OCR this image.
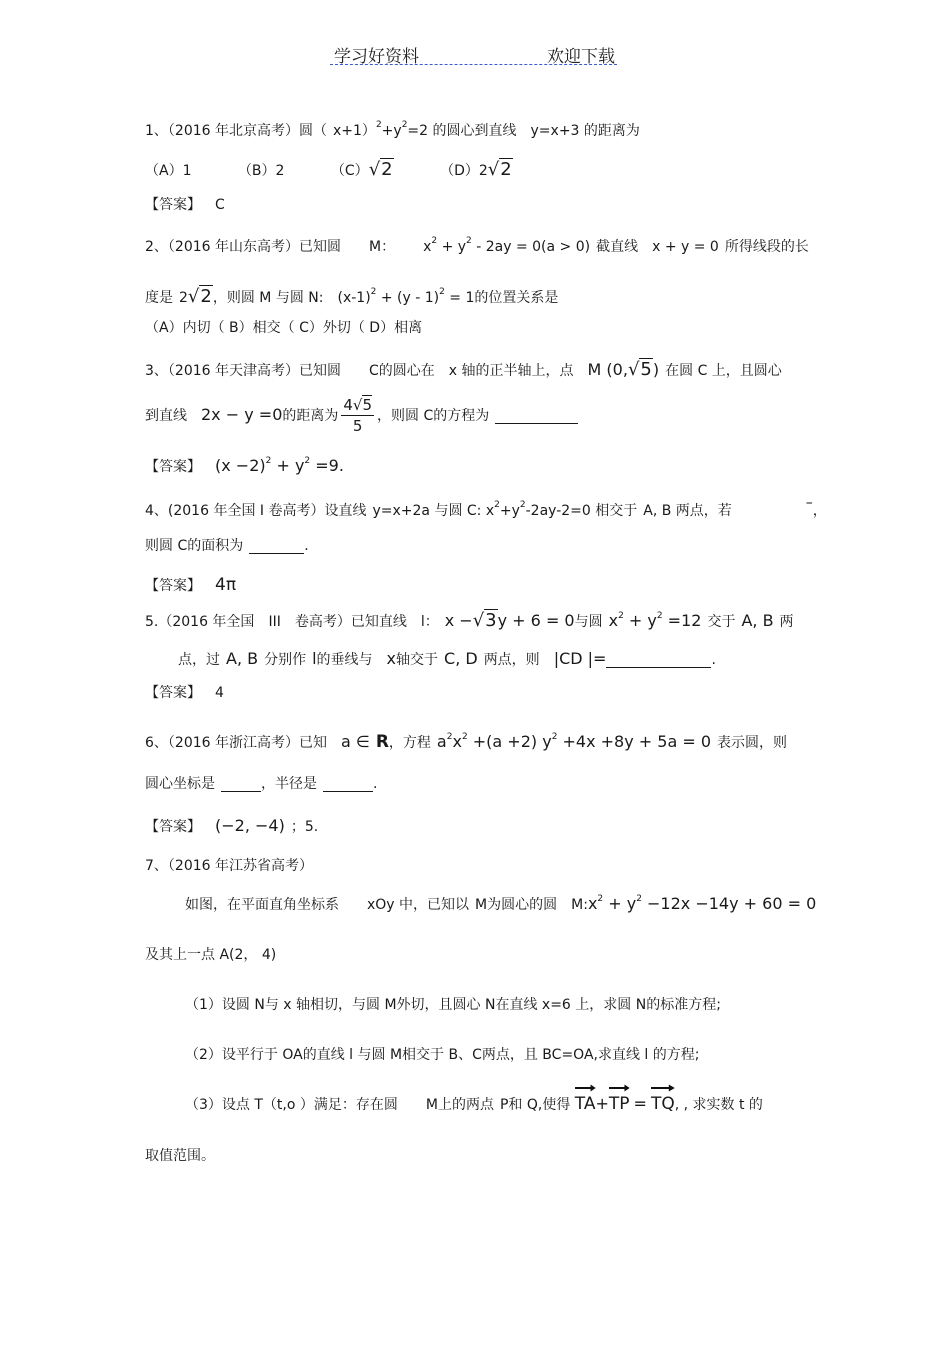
学习好资料	欢迎下载
1、（2016 年北京高考）圆（ $x+1)^2+y^2=2$ 的圆心到直线 y=x+3 的距离为
（A）1	（B）2	（C）√2	（D）2√2
【答案】 C
2、（2016 年山东高考）已知圆 M： $x^2 + y^2 - 2ay = 0(a > 0)$ 截直线 x + y = 0 所得线段的长
度是 2√2，则圆 M 与圆 N: $(x-1)^2 + (y - 1)^2 = 1$的位置关系是
（A）内切（ B）相交（ C）外切（ D）相离
3、（2016 年天津高考）已知圆 C的圆心在 x 轴的正半轴上，点 M (0,√5) 在圆 C 上，且圆心
到直线 2x − y =0的距离为 $\frac{4√5}{5}$ ，则圆 C的方程为
【答案】 $(x -2)^2 + y^2 =9$.
4、(2016 年全国 I 卷高考）设直线 y=x+2a 与圆 C: $x^2+y^2-2ay-2=0$ 相交于 A, B 两点，若	–，
则圆 C的面积为	.
【答案】 4π
5.（2016 年全国 III 卷高考）已知直线 l： x −√3y + 6 = 0与圆 $x^2 + y^2 =12$ 交于 A, B 两
点，过 A, B 分别作 l的垂线与 x轴交于 C, D 两点，则 |CD |=	.
【答案】 4
6、（2016 年浙江高考）已知 a ∈ R，方程 $a^2x^2 +(a +2)$ $y^2 +4x +8y + 5a = 0$ 表示圆，则
圆心坐标是	，半径是	.
【答案】 (−2, −4) ；5.
7、（2016 年江苏省高考）
如图，在平面直角坐标系 xOy 中，已知以 M为圆心的圆 $M:x^2 + y^2 -12x -14y + 60 = 0$
及其上一点 A(2， 4)
（1）设圆 N与 x 轴相切，与圆 M外切，且圆心 N在直线 x=6 上，求圆 N的标准方程;
（2）设平行于 OA的直线 l 与圆 M相交于 B、C两点，且 BC=OA,求直线 l 的方程;
（3）设点 T（t,o ）满足：存在圆 M上的两点 P和 Q,使得 TA+
TP = TQ, , 求实数 t 的
取值范围。
